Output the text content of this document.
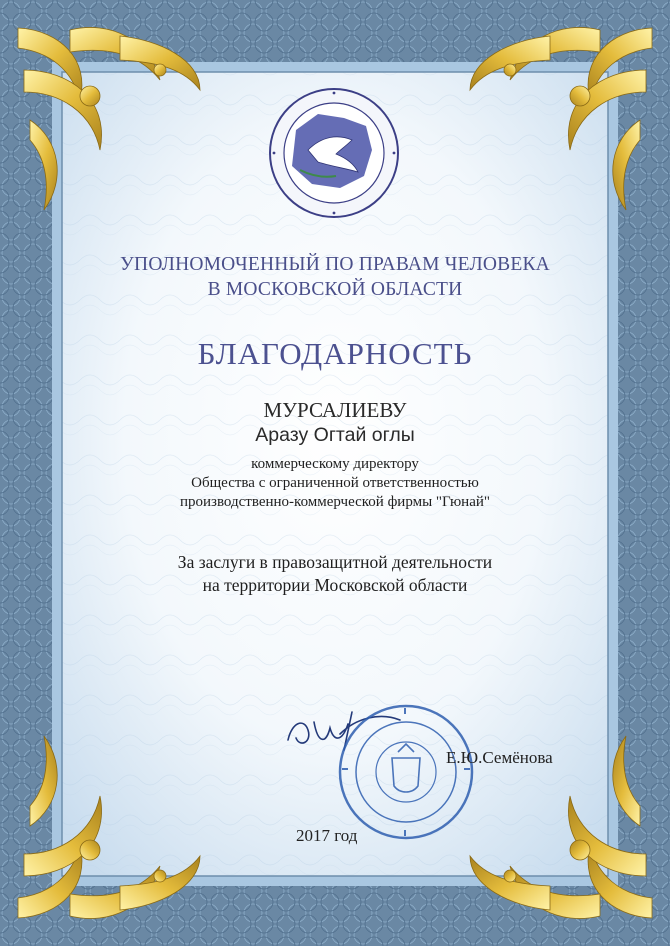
УПОЛНОМОЧЕННЫЙ ПО ПРАВАМ ЧЕЛОВЕКА
В МОСКОВСКОЙ ОБЛАСТИ
БЛАГОДАРНОСТЬ
МУРСАЛИЕВУ
Аразу Огтай оглы
коммерческому директору
Общества с ограниченной ответственностью
производственно-коммерческой фирмы "Гюнай"
За заслуги в правозащитной деятельности
на территории Московской области
Е.Ю.Семёнова
2017 год
